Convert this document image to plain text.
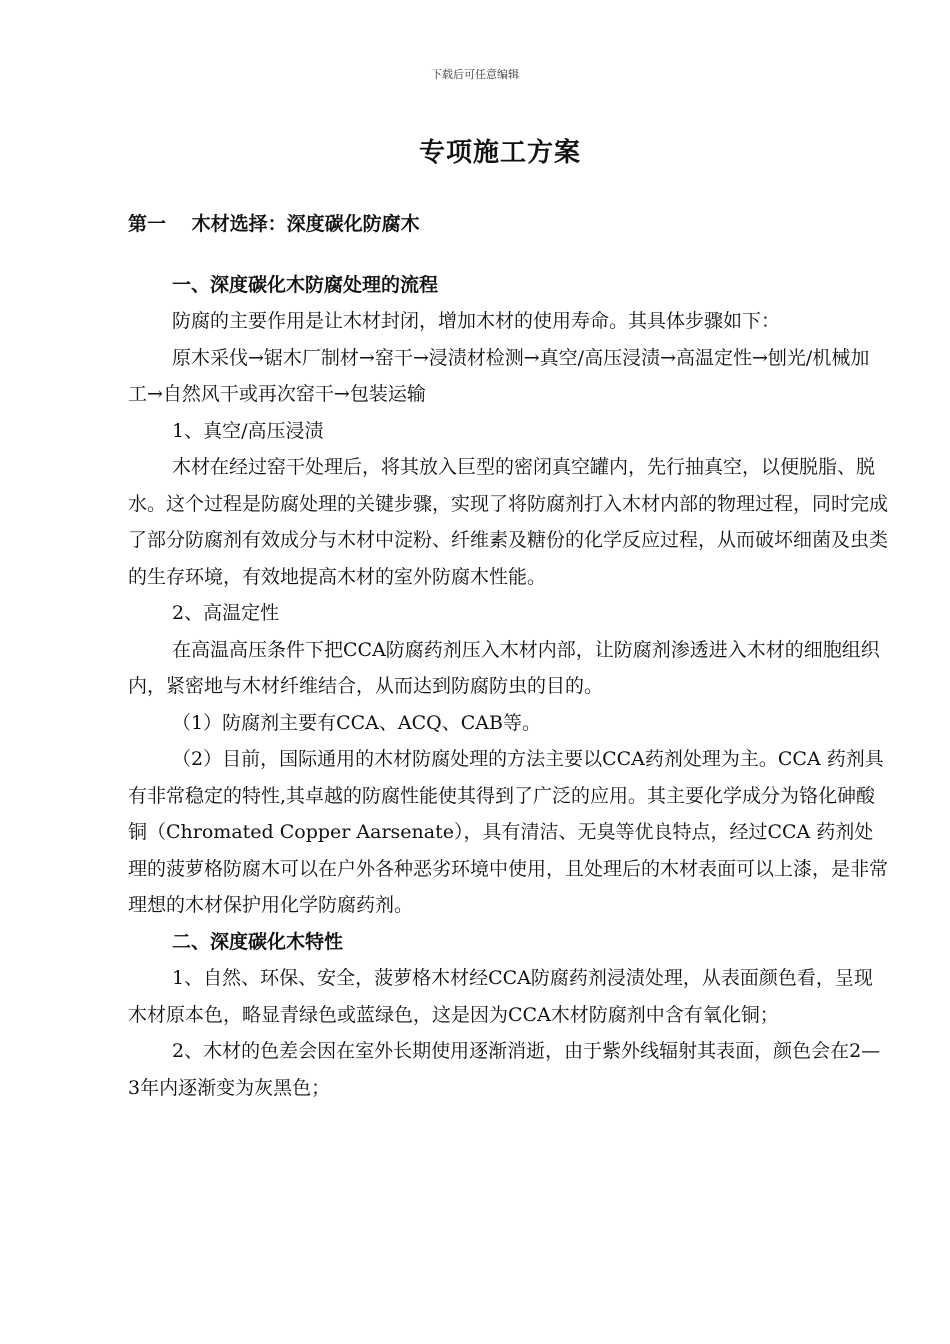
下载后可任意编辑
专项施工方案

第一　 木材选择：深度碳化防腐木

一、深度碳化木防腐处理的流程

防腐的主要作用是让木材封闭，增加木材的使用寿命。其具体步骤如下：

原木采伐→锯木厂制材→窑干→浸渍材检测→真空/高压浸渍→高温定性→刨光/机械加工→自然风干或再次窑干→包装运输

1、真空/高压浸渍

木材在经过窑干处理后，将其放入巨型的密闭真空罐内，先行抽真空，以便脱脂、脱水。这个过程是防腐处理的关键步骤，实现了将防腐剂打入木材内部的物理过程，同时完成了部分防腐剂有效成分与木材中淀粉、纤维素及糖份的化学反应过程，从而破坏细菌及虫类的生存环境，有效地提高木材的室外防腐木性能。

2、高温定性

在高温高压条件下把CCA防腐药剂压入木材内部，让防腐剂渗透进入木材的细胞组织内，紧密地与木材纤维结合，从而达到防腐防虫的目的。

（1）防腐剂主要有CCA、ACQ、CAB等。

（2）目前，国际通用的木材防腐处理的方法主要以CCA药剂处理为主。CCA 药剂具有非常稳定的特性,其卓越的防腐性能使其得到了广泛的应用。其主要化学成分为铬化砷酸铜（Chromated Copper Aarsenate），具有清洁、无臭等优良特点，经过CCA 药剂处理的菠萝格防腐木可以在户外各种恶劣环境中使用，且处理后的木材表面可以上漆，是非常理想的木材保护用化学防腐药剂。

二、深度碳化木特性

1、自然、环保、安全，菠萝格木材经CCA防腐药剂浸渍处理，从表面颜色看，呈现木材原本色，略显青绿色或蓝绿色，这是因为CCA木材防腐剂中含有氧化铜；

2、木材的色差会因在室外长期使用逐渐消逝，由于紫外线辐射其表面，颜色会在2—3年内逐渐变为灰黑色；
